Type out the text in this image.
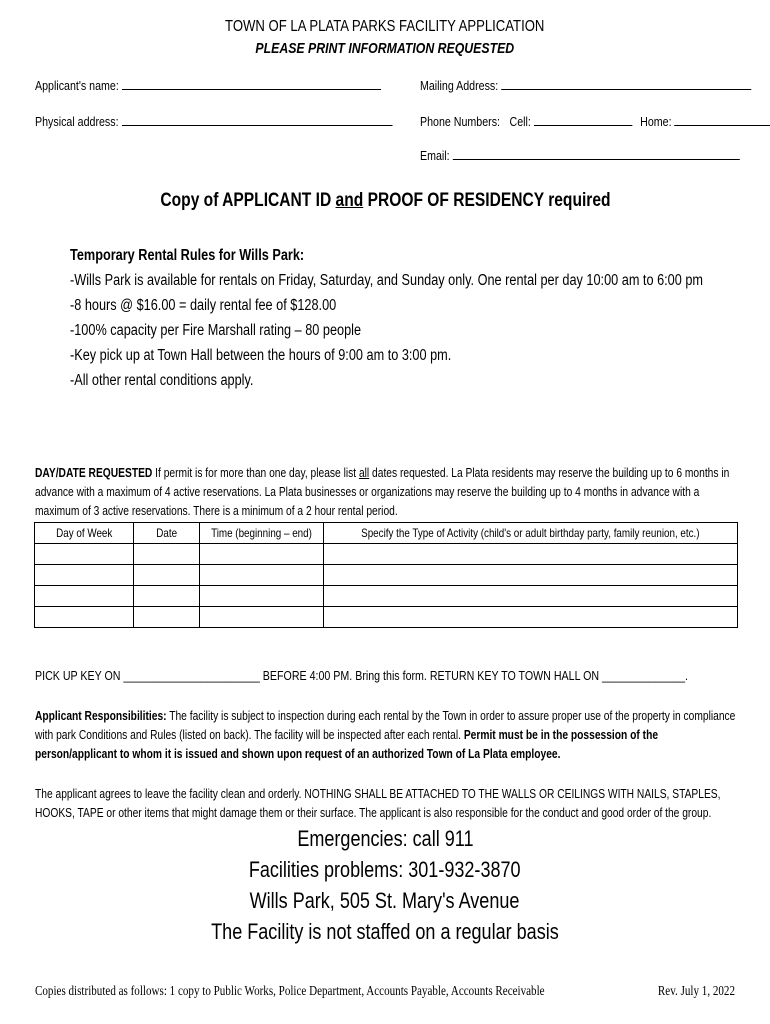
TOWN OF LA PLATA PARKS FACILITY APPLICATION
PLEASE PRINT INFORMATION REQUESTED
Applicant's name:	Mailing Address:
Physical address:	Phone Numbers: Cell:	Home:
Email:
Copy of APPLICANT ID and PROOF OF RESIDENCY required
Temporary Rental Rules for Wills Park:
-Wills Park is available for rentals on Friday, Saturday, and Sunday only. One rental per day 10:00 am to 6:00 pm
-8 hours @ $16.00 = daily rental fee of $128.00
-100% capacity per Fire Marshall rating – 80 people
-Key pick up at Town Hall between the hours of 9:00 am to 3:00 pm.
-All other rental conditions apply.
DAY/DATE REQUESTED If permit is for more than one day, please list all dates requested. La Plata residents may reserve the building up to 6 months in advance with a maximum of 4 active reservations. La Plata businesses or organizations may reserve the building up to 4 months in advance with a maximum of 3 active reservations. There is a minimum of a 2 hour rental period.
Day of Week	Date	Time (beginning – end)	Specify the Type of Activity (child's or adult birthday party, family reunion, etc.)

PICK UP KEY ON _______________________ BEFORE 4:00 PM. Bring this form. RETURN KEY TO TOWN HALL ON ______________.
Applicant Responsibilities: The facility is subject to inspection during each rental by the Town in order to assure proper use of the property in compliance with park Conditions and Rules (listed on back). The facility will be inspected after each rental. Permit must be in the possession of the person/applicant to whom it is issued and shown upon request of an authorized Town of La Plata employee.
The applicant agrees to leave the facility clean and orderly. NOTHING SHALL BE ATTACHED TO THE WALLS OR CEILINGS WITH NAILS, STAPLES, HOOKS, TAPE or other items that might damage them or their surface. The applicant is also responsible for the conduct and good order of the group.
Emergencies: call 911
Facilities problems: 301-932-3870
Wills Park, 505 St. Mary's Avenue
The Facility is not staffed on a regular basis
Copies distributed as follows: 1 copy to Public Works, Police Department, Accounts Payable, Accounts Receivable	Rev. July 1, 2022
